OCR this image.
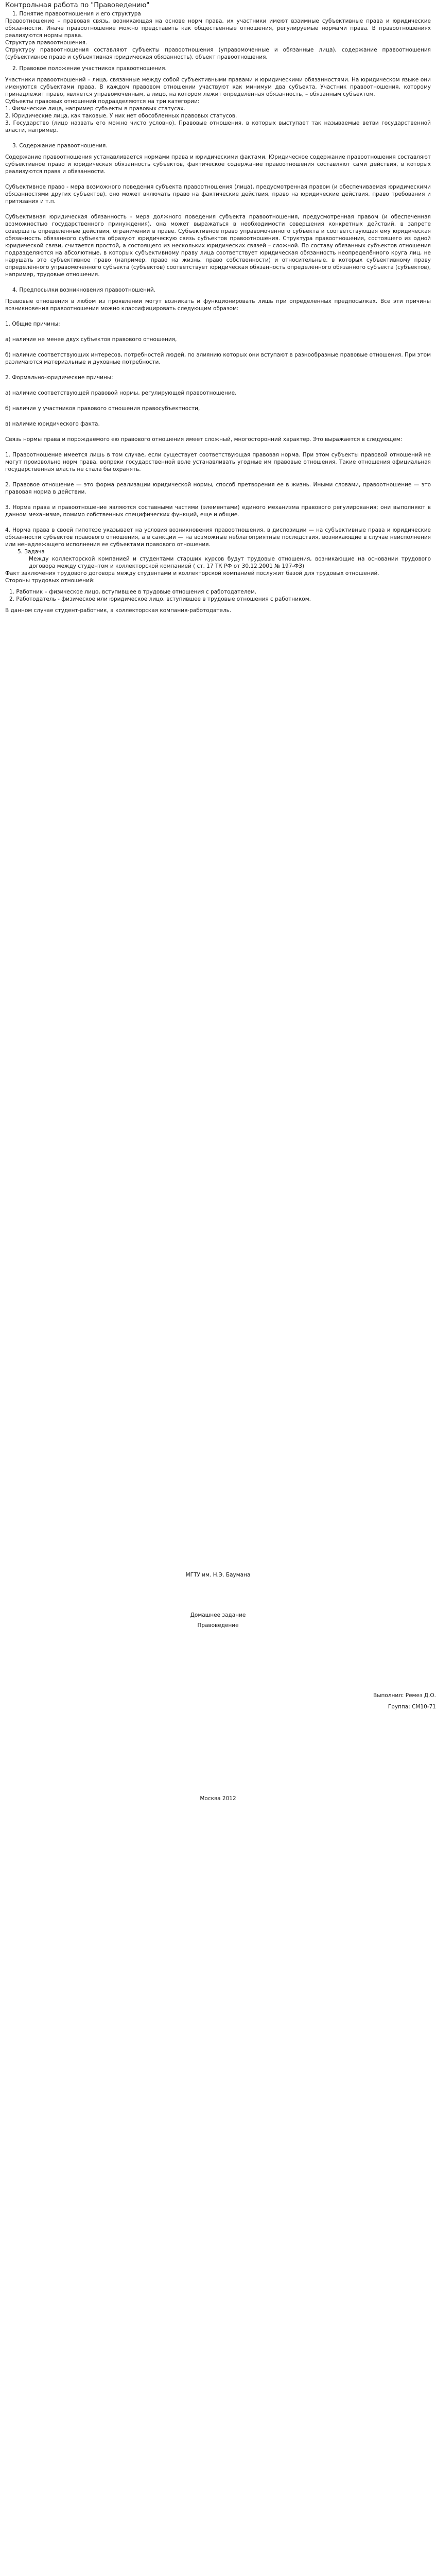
Контрольная работа по "Правоведению"
1. Понятие правоотношения и его структура
Правоотношение – правовая связь, возникающая на основе норм права, их участники имеют взаимные субъективные права и юридические обязанности. Иначе правоотношение можно представить как общественные отношения, регулируемые нормами права. В правоотношениях реализуются нормы права.
Структура правоотношения.
Структуру правоотношения составляют субъекты правоотношения (управомоченные и обязанные лица), содержание правоотношения (субъективное право и субъективная юридическая обязанность), объект правоотношения.
2. Правовое положение участников правоотношения.
Участники правоотношений – лица, связанные между собой субъективными правами и юридическими обязанностями. На юридическом языке они именуются субъектами права. В каждом правовом отношении участвуют как минимум два субъекта. Участник правоотношения, которому принадлежит право, является управомоченным, а лицо, на котором лежит определённая обязанность, – обязанным субъектом.
Субъекты правовых отношений подразделяются на три категории:
1. Физические лица, например субъекты в правовых статусах.
2. Юридические лица, как таковые. У них нет обособленных правовых статусов.
3. Государство (лицо назвать его можно чисто условно). Правовые отношения, в которых выступает так называемые ветви государственной власти, например.
3. Содержание правоотношения.
Содержание правоотношения устанавливается нормами права и юридическими фактами. Юридическое содержание правоотношения составляют субъективное право и юридическая обязанность субъектов, фактическое содержание правоотношения составляют сами действия, в которых реализуются права и обязанности.
Субъективное право - мера возможного поведения субъекта правоотношения (лица), предусмотренная правом (и обеспечиваемая юридическими обязанностями других субъектов), оно может включать право на фактические действия, право на юридические действия, право требования и притязания и т.п.
Субъективная юридическая обязанность - мера должного поведения субъекта правоотношения, предусмотренная правом (и обеспеченная возможностью государственного принуждения), она может выражаться в необходимости совершения конкретных действий, в запрете совершать определённые действия, ограничении в праве. Субъективное право управомоченного субъекта и соответствующая ему юридическая обязанность обязанного субъекта образуют юридическую связь субъектов правоотношения. Структура правоотношения, состоящего из одной юридической связи, считается простой, а состоящего из нескольких юридических связей – сложной. По составу обязанных субъектов отношения подразделяются на абсолютные, в которых субъективному праву лица соответствует юридическая обязанность неопределённого круга лиц, не нарушать это субъективное право (например, право на жизнь, право собственности) и относительные, в которых субъективному праву определённого управомоченного субъекта (субъектов) соответствует юридическая обязанность определённого обязанного субъекта (субъектов), например, трудовые отношения.
4. Предпосылки возникновения правоотношений.
Правовые отношения в любом из проявлении могут возникать и функционировать лишь при определенных предпосылках. Все эти причины возникновения правоотношения можно классифицировать следующим образом:
1. Общие причины:
а) наличие не менее двух субъектов правового отношения,
б) наличие соответствующих интересов, потребностей людей, по алиянию которых они вступают в разнообразные правовые отношения. При этом различаются материальные и духовные потребности.
2. Формально-юридические причины:
а) наличие соответствующей правовой нормы, регулирующей правоотношение,
б) наличие у участников правового отношения правосубъектности,
в) наличие юридического факта.
Связь нормы права и порождаемого ею правового отношения имеет сложный, многосторонний характер. Это выражается в следующем:
1. Правоотношение имеется лишь в том случае, если существует соответствующая правовая норма. При этом субъекты правовой отношений не могут произвольно норм права, вопреки государственной воле устанавливать угодные им правовые отношения. Такие отношения официальная государственная власть не стала бы охранять.
2. Правовое отношение — это форма реализации юридической нормы, способ претворения ее в жизнь. Иными словами, правоотношение — это правовая норма в действии.
3. Норма права и правоотношение являются составными частями (элементами) единого механизма правового регулирования; они выполняют в данном механизме, помимо собственных специфических функций, еще и общие.
4. Норма права в своей гипотезе указывает на условия возникновения правоотношения, в диспозиции — на субъективные права и юридические обязанности субъектов правового отношения, а в санкции — на возможные неблагоприятные последствия, возникающие в случае неисполнения или ненадлежащего исполнения ее субъектами правового отношения.
5. Задача
Между коллекторской компанией и студентами старших курсов будут трудовые отношения, возникающие на основании трудового договора между студентом и коллекторской компанией ( ст. 17 ТК РФ от 30.12.2001 № 197-ФЗ)
Факт заключения трудового договора между студентами и коллекторской компанией послужит базой для трудовых отношений.
Стороны трудовых отношений:
1. Работник – физическое лицо, вступившее в трудовые отношения с работодателем.
2. Работодатель - физическое или юридическое лицо, вступившее в трудовые отношения с работником.
В данном случае студент-работник, а коллекторская компания-работодатель.
МГТУ им. Н.Э. Баумана
Домашнее задание
Правоведение
Выполнил: Ремез Д.О.
Группа: СМ10-71
Москва 2012
